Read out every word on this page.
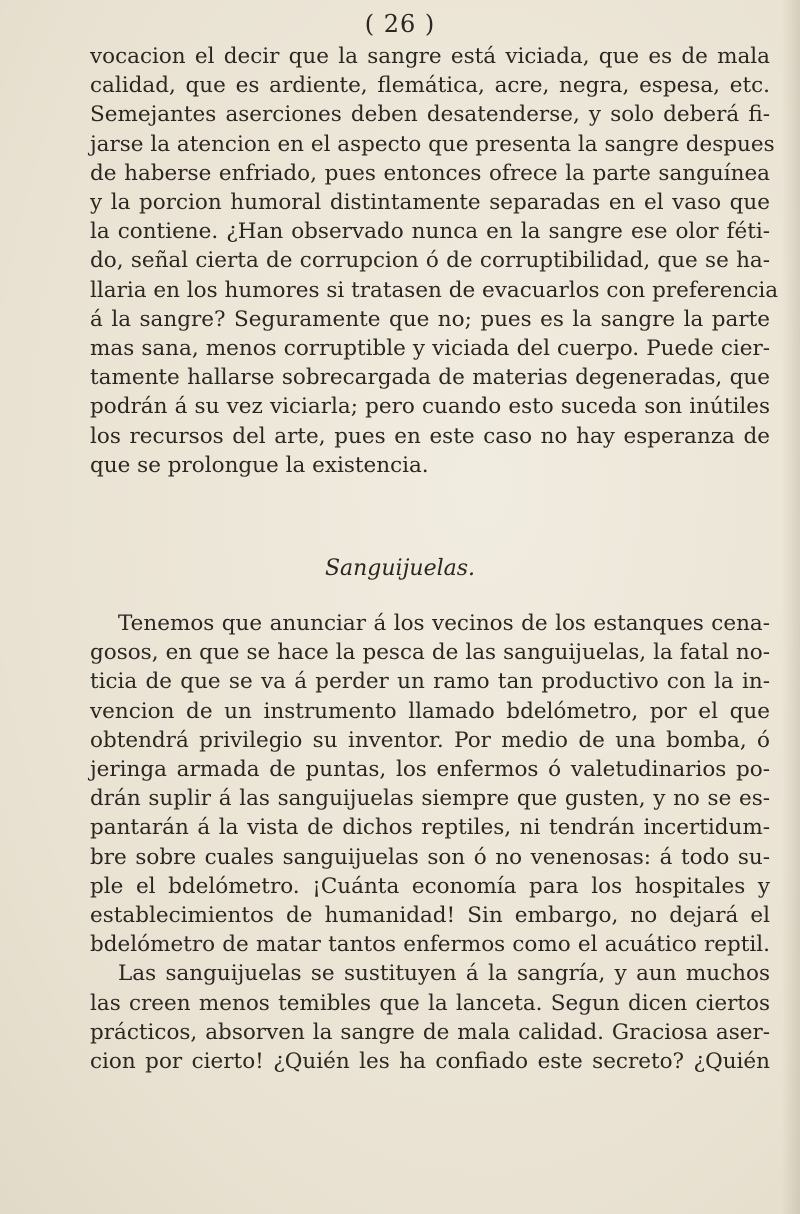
( 26 )
vocacion el decir que la sangre está viciada, que es de mala
calidad, que es ardiente, flemática, acre, negra, espesa, etc.
Semejantes aserciones deben desatenderse, y solo deberá fi-
jarse la atencion en el aspecto que presenta la sangre despues
de haberse enfriado, pues entonces ofrece la parte sanguínea
y la porcion humoral distintamente separadas en el vaso que
la contiene. ¿Han observado nunca en la sangre ese olor féti-
do, señal cierta de corrupcion ó de corruptibilidad, que se ha-
llaria en los humores si tratasen de evacuarlos con preferencia
á la sangre? Seguramente que no; pues es la sangre la parte
mas sana, menos corruptible y viciada del cuerpo. Puede cier-
tamente hallarse sobrecargada de materias degeneradas, que
podrán á su vez viciarla; pero cuando esto suceda son inútiles
los recursos del arte, pues en este caso no hay esperanza de
que se prolongue la existencia.
Sanguijuelas.
Tenemos que anunciar á los vecinos de los estanques cena-
gosos, en que se hace la pesca de las sanguijuelas, la fatal no-
ticia de que se va á perder un ramo tan productivo con la in-
vencion de un instrumento llamado bdelómetro, por el que
obtendrá privilegio su inventor. Por medio de una bomba, ó
jeringa armada de puntas, los enfermos ó valetudinarios po-
drán suplir á las sanguijuelas siempre que gusten, y no se es-
pantarán á la vista de dichos reptiles, ni tendrán incertidum-
bre sobre cuales sanguijuelas son ó no venenosas: á todo su-
ple el bdelómetro. ¡Cuánta economía para los hospitales y
establecimientos de humanidad! Sin embargo, no dejará el
bdelómetro de matar tantos enfermos como el acuático reptil.
Las sanguijuelas se sustituyen á la sangría, y aun muchos
las creen menos temibles que la lanceta. Segun dicen ciertos
prácticos, absorven la sangre de mala calidad. Graciosa aser-
cion por cierto! ¿Quién les ha confiado este secreto? ¿Quién
